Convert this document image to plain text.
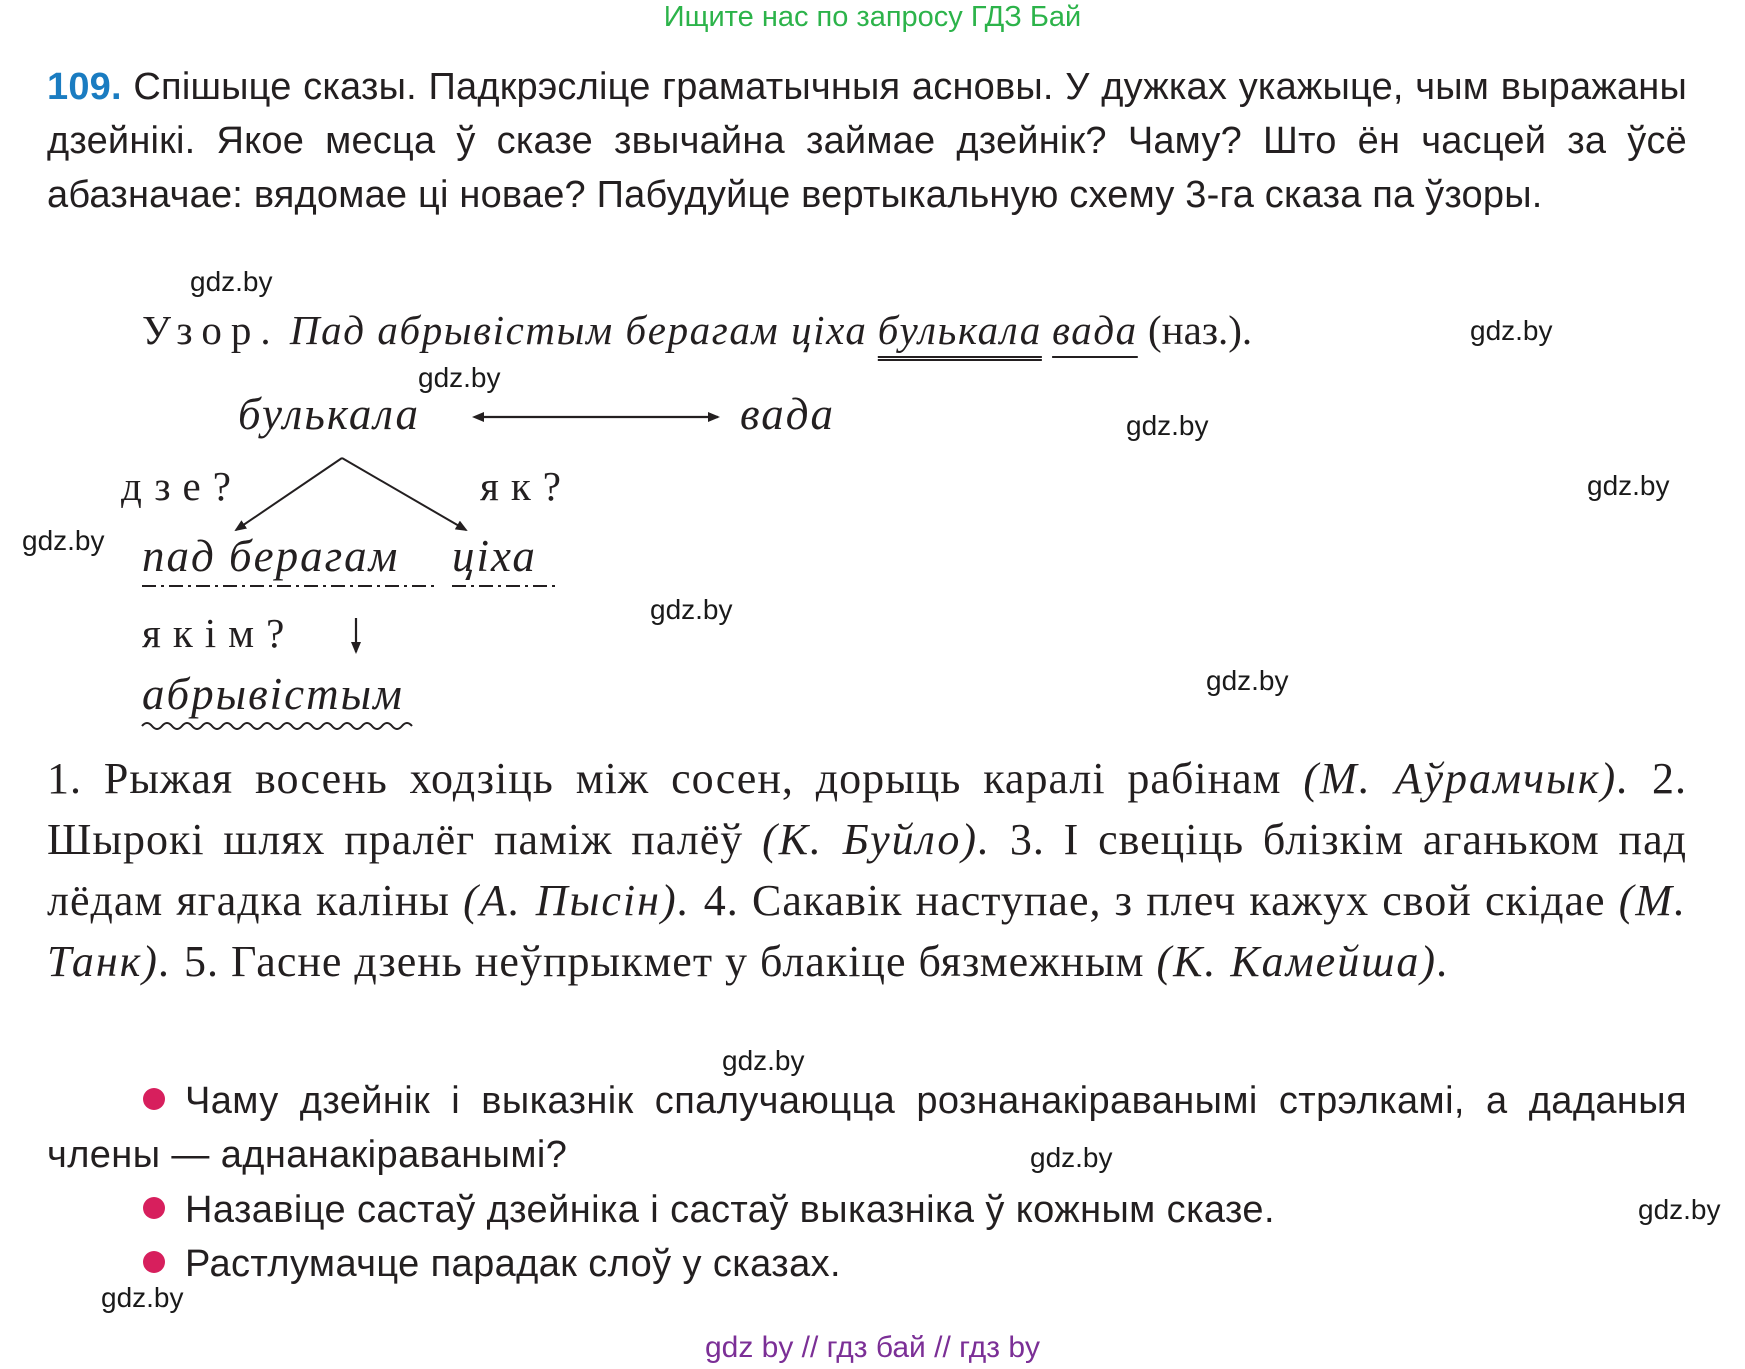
Ищите нас по запросу ГДЗ Бай
109. Спішыце сказы. Падкрэсліце граматычныя асновы. У дужках укажыце, чым выражаны дзейнікі. Якое месца ў сказе звычайна займае дзейнік? Чаму? Што ён часцей за ўсё абазначае: вядомае ці новае? Пабудуйце вертыкальную схему 3-га сказа па ўзоры.
gdz.by
gdz.by
gdz.by
gdz.by
gdz.by
gdz.by
gdz.by
gdz.by
gdz.by
gdz.by
gdz.by
gdz.by
Узор. Пад абрывістым берагам ціха булькала вада (наз.).
булькала	вада
дзе?	як?
пад берагам ціха
якім?
абрывістым
1. Рыжая восень ходзіць між сосен, дорыць каралі рабінам (М. Аўрамчык). 2. Шырокі шлях пралёг паміж палёў (К. Буйло). 3. І свеціць блізкім аганьком пад лёдам ягадка каліны (А. Пысін). 4. Сакавік наступае, з плеч кажух свой скідае (М. Танк). 5. Гасне дзень неўпрыкмет у блакіце бязмежным (К. Камейша).
Чаму дзейнік і выказнік спалучаюцца рознанакіраванымі стрэлкамі, а даданыя члены — аднанакіраванымі?
Назавіце састаў дзейніка і састаў выказніка ў кожным сказе.
Растлумачце парадак слоў у сказах.
gdz by // гдз бай // гдз by
